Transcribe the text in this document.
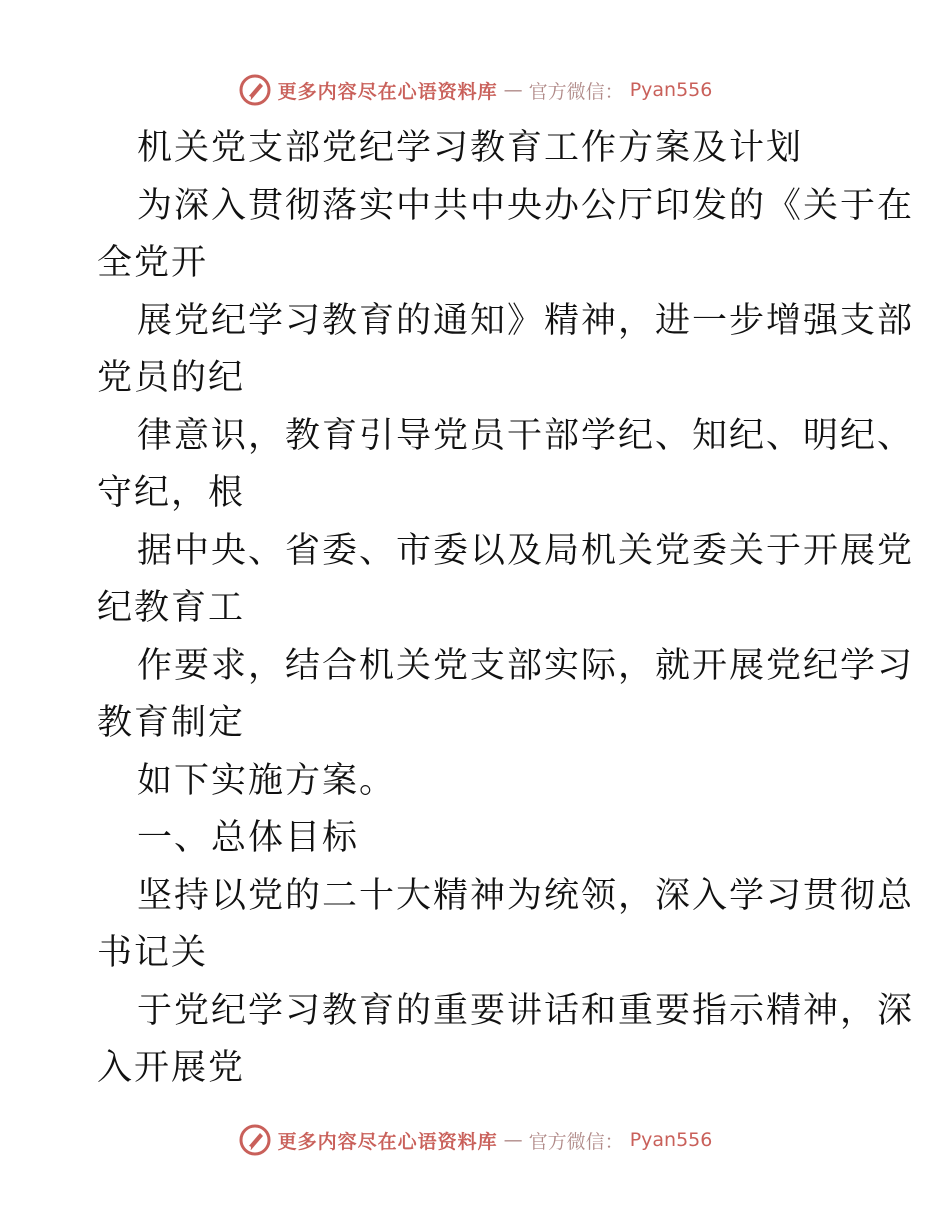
更多内容尽在心语资料库 — 官方微信： Pyan556

机关党支部党纪学习教育工作方案及计划

为深入贯彻落实中共中央办公厅印发的《关于在

全党开

展党纪学习教育的通知》精神，进一步增强支部

党员的纪

律意识，教育引导党员干部学纪、知纪、明纪、

守纪，根

据中央、省委、市委以及局机关党委关于开展党

纪教育工

作要求，结合机关党支部实际，就开展党纪学习

教育制定

如下实施方案。

一、总体目标

坚持以党的二十大精神为统领，深入学习贯彻总

书记关

于党纪学习教育的重要讲话和重要指示精神，深

入开展党

更多内容尽在心语资料库 — 官方微信： Pyan556
